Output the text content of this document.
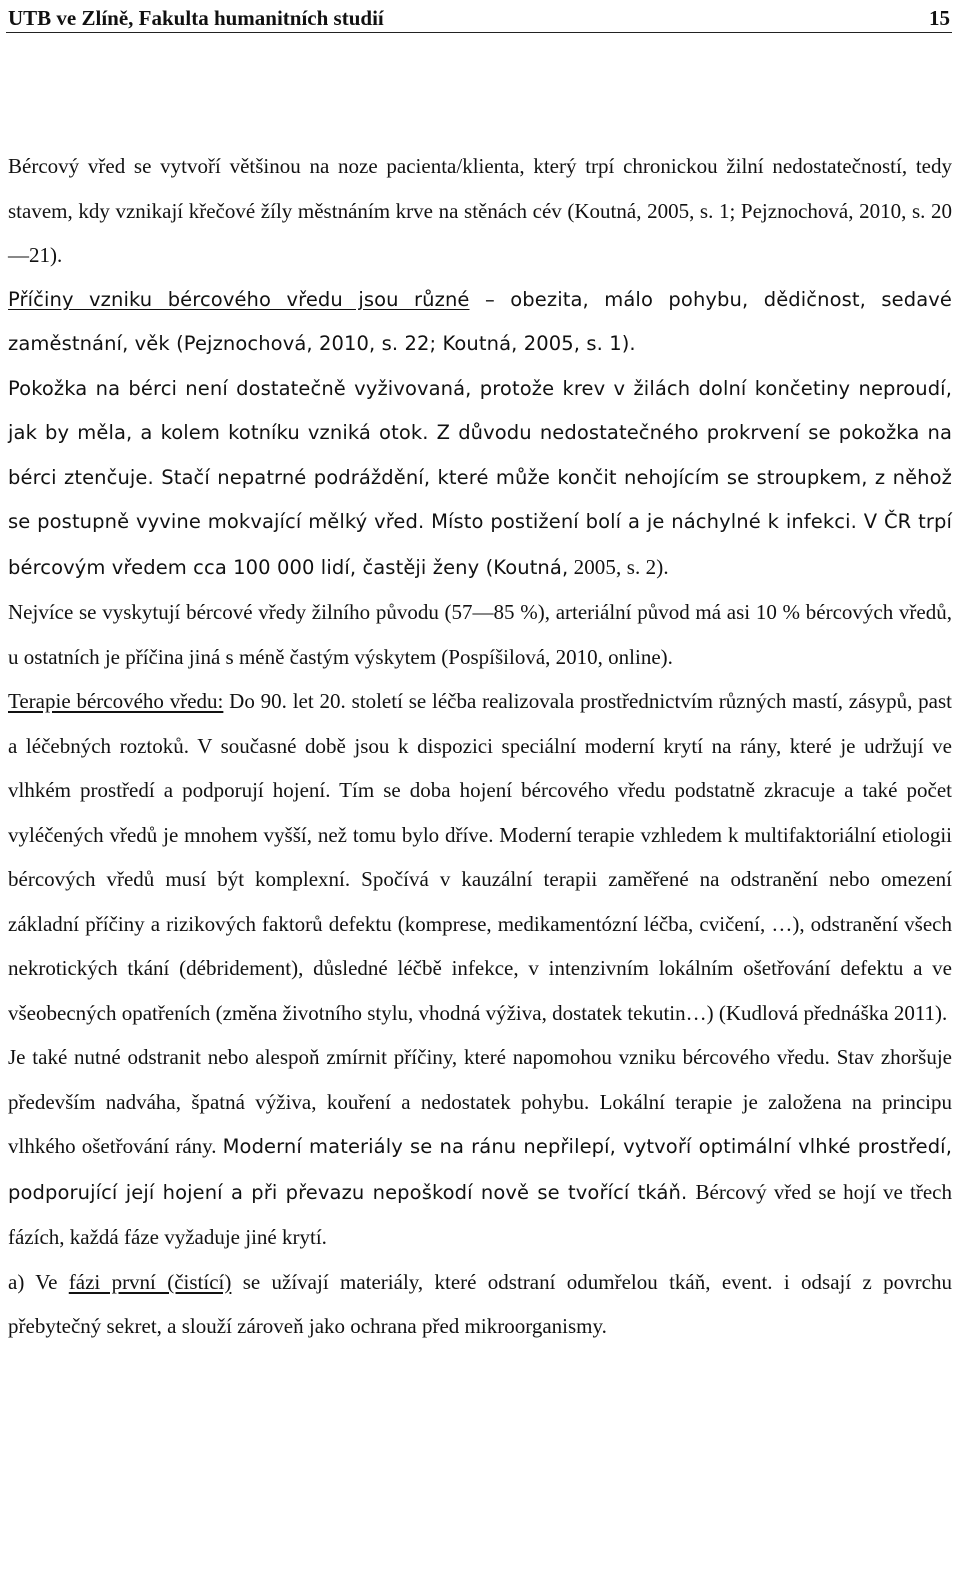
UTB ve Zlíně, Fakulta humanitních studií	15

Bércový vřed se vytvoří většinou na noze pacienta/klienta, který trpí chronickou žilní nedostatečností, tedy stavem, kdy vznikají křečové žíly městnáním krve na stěnách cév (Koutná, 2005, s. 1; Pejznochová, 2010, s. 20—21).

Příčiny vzniku bércového vředu jsou různé – obezita, málo pohybu, dědičnost, sedavé zaměstnání, věk (Pejznochová, 2010, s. 22; Koutná, 2005, s. 1).

Pokožka na bérci není dostatečně vyživovaná, protože krev v žilách dolní končetiny neproudí, jak by měla, a kolem kotníku vzniká otok. Z důvodu nedostatečného prokrvení se pokožka na bérci ztenčuje. Stačí nepatrné podráždění, které může končit nehojícím se stroupkem, z něhož se postupně vyvine mokvající mělký vřed. Místo postižení bolí a je náchylné k infekci. V ČR trpí bércovým vředem cca 100 000 lidí, častěji ženy (Koutná, 2005, s. 2).

Nejvíce se vyskytují bércové vředy žilního původu (57—85 %), arteriální původ má asi 10 % bércových vředů, u ostatních je příčina jiná s méně častým výskytem (Pospíšilová, 2010, online).

Terapie bércového vředu: Do 90. let 20. století se léčba realizovala prostřednictvím různých mastí, zásypů, past a léčebných roztoků. V současné době jsou k dispozici speciální moderní krytí na rány, které je udržují ve vlhkém prostředí a podporují hojení. Tím se doba hojení bércového vředu podstatně zkracuje a také počet vyléčených vředů je mnohem vyšší, než tomu bylo dříve. Moderní terapie vzhledem k multifaktoriální etiologii bércových vředů musí být komplexní. Spočívá v kauzální terapii zaměřené na odstranění nebo omezení základní příčiny a rizikových faktorů defektu (komprese, medikamentózní léčba, cvičení, …), odstranění všech nekrotických tkání (débridement), důsledné léčbě infekce, v intenzivním lokálním ošetřování defektu a ve všeobecných opatřeních (změna životního stylu, vhodná výživa, dostatek tekutin…) (Kudlová přednáška 2011).

Je také nutné odstranit nebo alespoň zmírnit příčiny, které napomohou vzniku bércového vředu. Stav zhoršuje především nadváha, špatná výživa, kouření a nedostatek pohybu. Lokální terapie je založena na principu vlhkého ošetřování rány. Moderní materiály se na ránu nepřilepí, vytvoří optimální vlhké prostředí, podporující její hojení a při převazu nepoškodí nově se tvořící tkáň. Bércový vřed se hojí ve třech fázích, každá fáze vyžaduje jiné krytí.

a) Ve fázi první (čistící) se užívají materiály, které odstraní odumřelou tkáň, event. i odsají z povrchu přebytečný sekret, a slouží zároveň jako ochrana před mikroorganismy.
